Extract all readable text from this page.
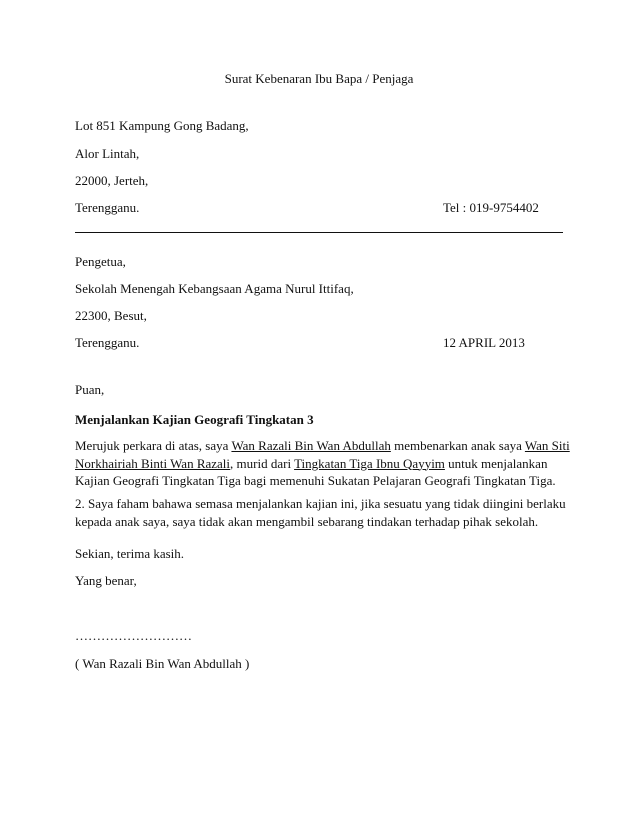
Surat Kebenaran Ibu Bapa / Penjaga
Lot 851 Kampung Gong Badang,
Alor Lintah,
22000, Jerteh,
Terengganu.	Tel : 019-9754402
Pengetua,
Sekolah Menengah Kebangsaan Agama Nurul Ittifaq,
22300, Besut,
Terengganu.	12 APRIL 2013
Puan,
Menjalankan Kajian Geografi Tingkatan 3
Merujuk perkara di atas, saya Wan Razali Bin Wan Abdullah membenarkan anak saya Wan Siti
Norkhairiah Binti Wan Razali, murid dari Tingkatan Tiga Ibnu Qayyim untuk menjalankan
Kajian Geografi Tingkatan Tiga bagi memenuhi Sukatan Pelajaran Geografi Tingkatan Tiga.
2. Saya faham bahawa semasa menjalankan kajian ini, jika sesuatu yang tidak diingini berlaku
kepada anak saya, saya tidak akan mengambil sebarang tindakan terhadap pihak sekolah.
Sekian, terima kasih.
Yang benar,
………………………
( Wan Razali Bin Wan Abdullah )
